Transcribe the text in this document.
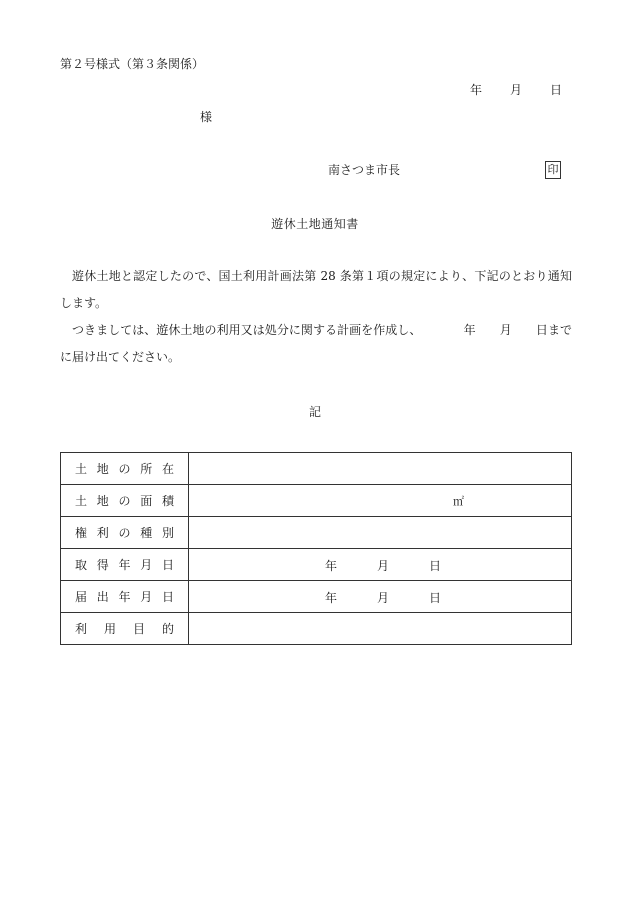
第２号様式（第３条関係）
年 月 日
様
南さつま市長	印
遊休土地通知書

遊休土地と認定したので、国土利用計画法第 28 条第１項の規定により、下記のとおり通知します。

つきましては、遊休土地の利用又は処分に関する計画を作成し、　　　　年　　月　　日までに届け出てください。

記
土 地 の 所 在	

土 地 の 面 積	㎡

権 利 の 種 別	

取 得 年 月 日	年 月 日

届 出 年 月 日	年 月 日

利 用 目 的	
